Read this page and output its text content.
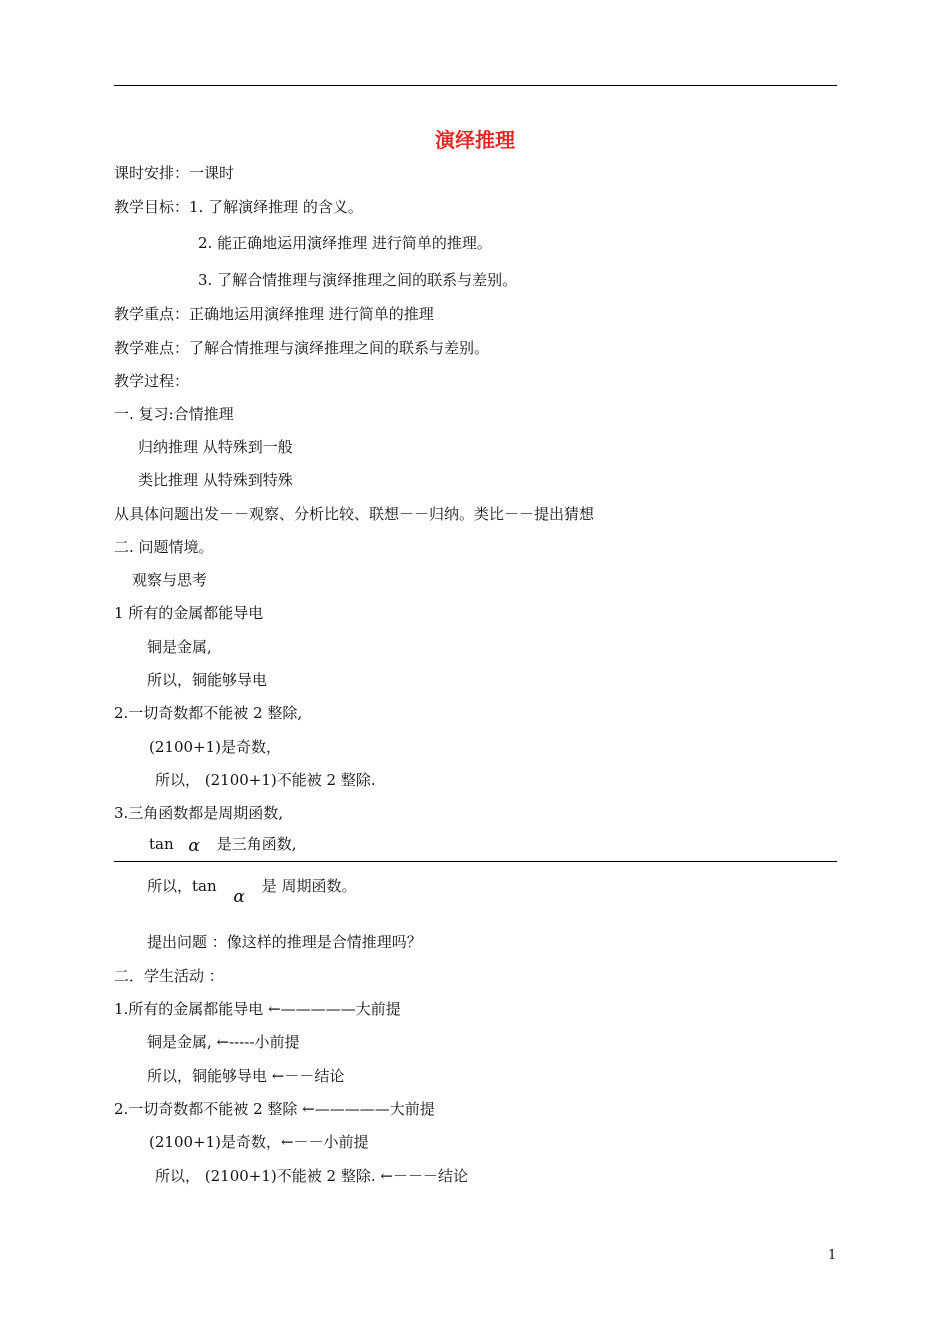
演绎推理
课时安排：一课时
教学目标：1. 了解演绎推理 的含义。
2. 能正确地运用演绎推理 进行简单的推理。
3. 了解合情推理与演绎推理之间的联系与差别。
教学重点：正确地运用演绎推理 进行简单的推理
教学难点：了解合情推理与演绎推理之间的联系与差别。
教学过程：
一. 复习:合情推理
归纳推理 从特殊到一般
类比推理 从特殊到特殊
从具体问题出发－－观察、分析比较、联想－－归纳。类比－－提出猜想
二. 问题情境。
观察与思考
1 所有的金属都能导电
铜是金属,
所以，铜能够导电
2.一切奇数都不能被 2 整除,
(2100+1)是奇数，
所以， (2100+1)不能被 2 整除.
3.三角函数都是周期函数,
提出问题 ：像这样的推理是合情推理吗？
二．学生活动 ：
1.所有的金属都能导电 ←—————大前提
铜是金属, ←-----小前提
所以，铜能够导电 ←－－结论
2.一切奇数都不能被 2 整除 ←—————大前提
(2100+1)是奇数，←－－小前提
所以， (2100+1)不能被 2 整除. ←－－－结论
tan α 是三角函数,
所以，tan α 是 周期函数。
1
